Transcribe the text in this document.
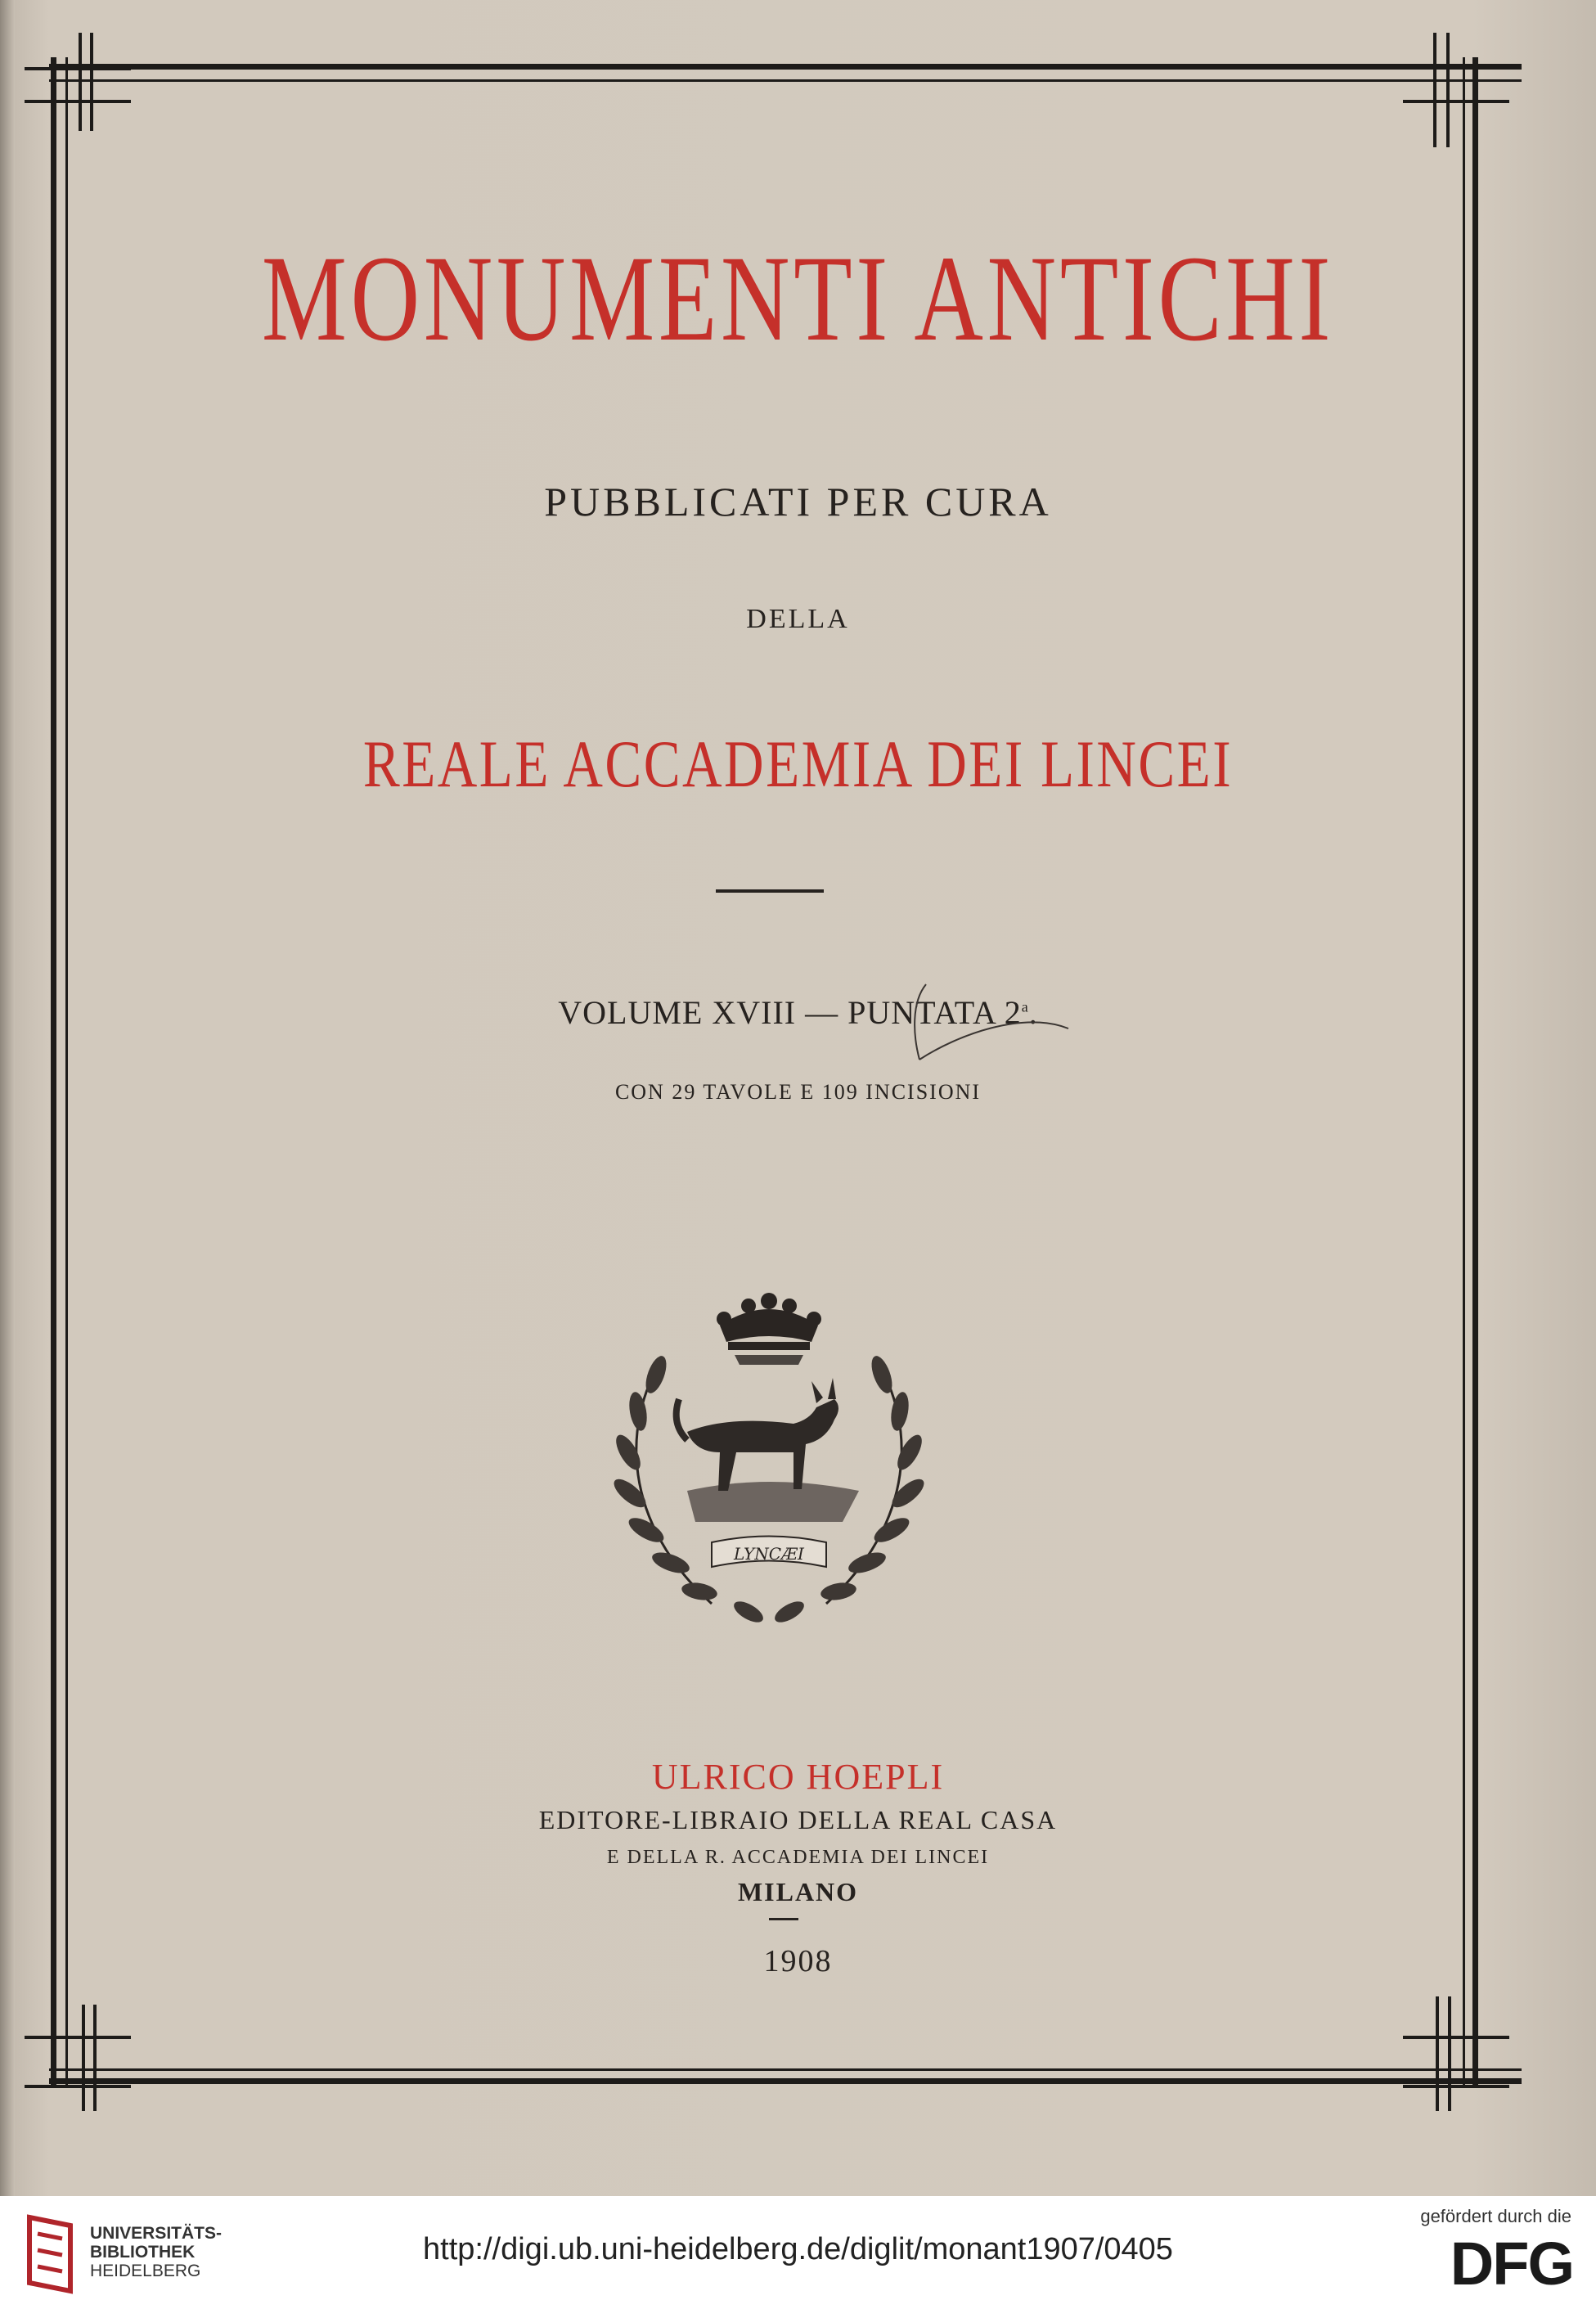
MONUMENTI ANTICHI
PUBBLICATI PER CURA
DELLA
REALE ACCADEMIA DEI LINCEI
VOLUME XVIII — PUNTATA 2$^a$.
CON 29 TAVOLE E 109 INCISIONI
LYNCÆI
ULRICO HOEPLI
EDITORE-LIBRAIO DELLA REAL CASA
E DELLA R. ACCADEMIA DEI LINCEI
MILANO
1908
UNIVERSITÄTS-
BIBLIOTHEK
HEIDELBERG
http://digi.ub.uni-heidelberg.de/diglit/monant1907/0405
gefördert durch die
DFG
